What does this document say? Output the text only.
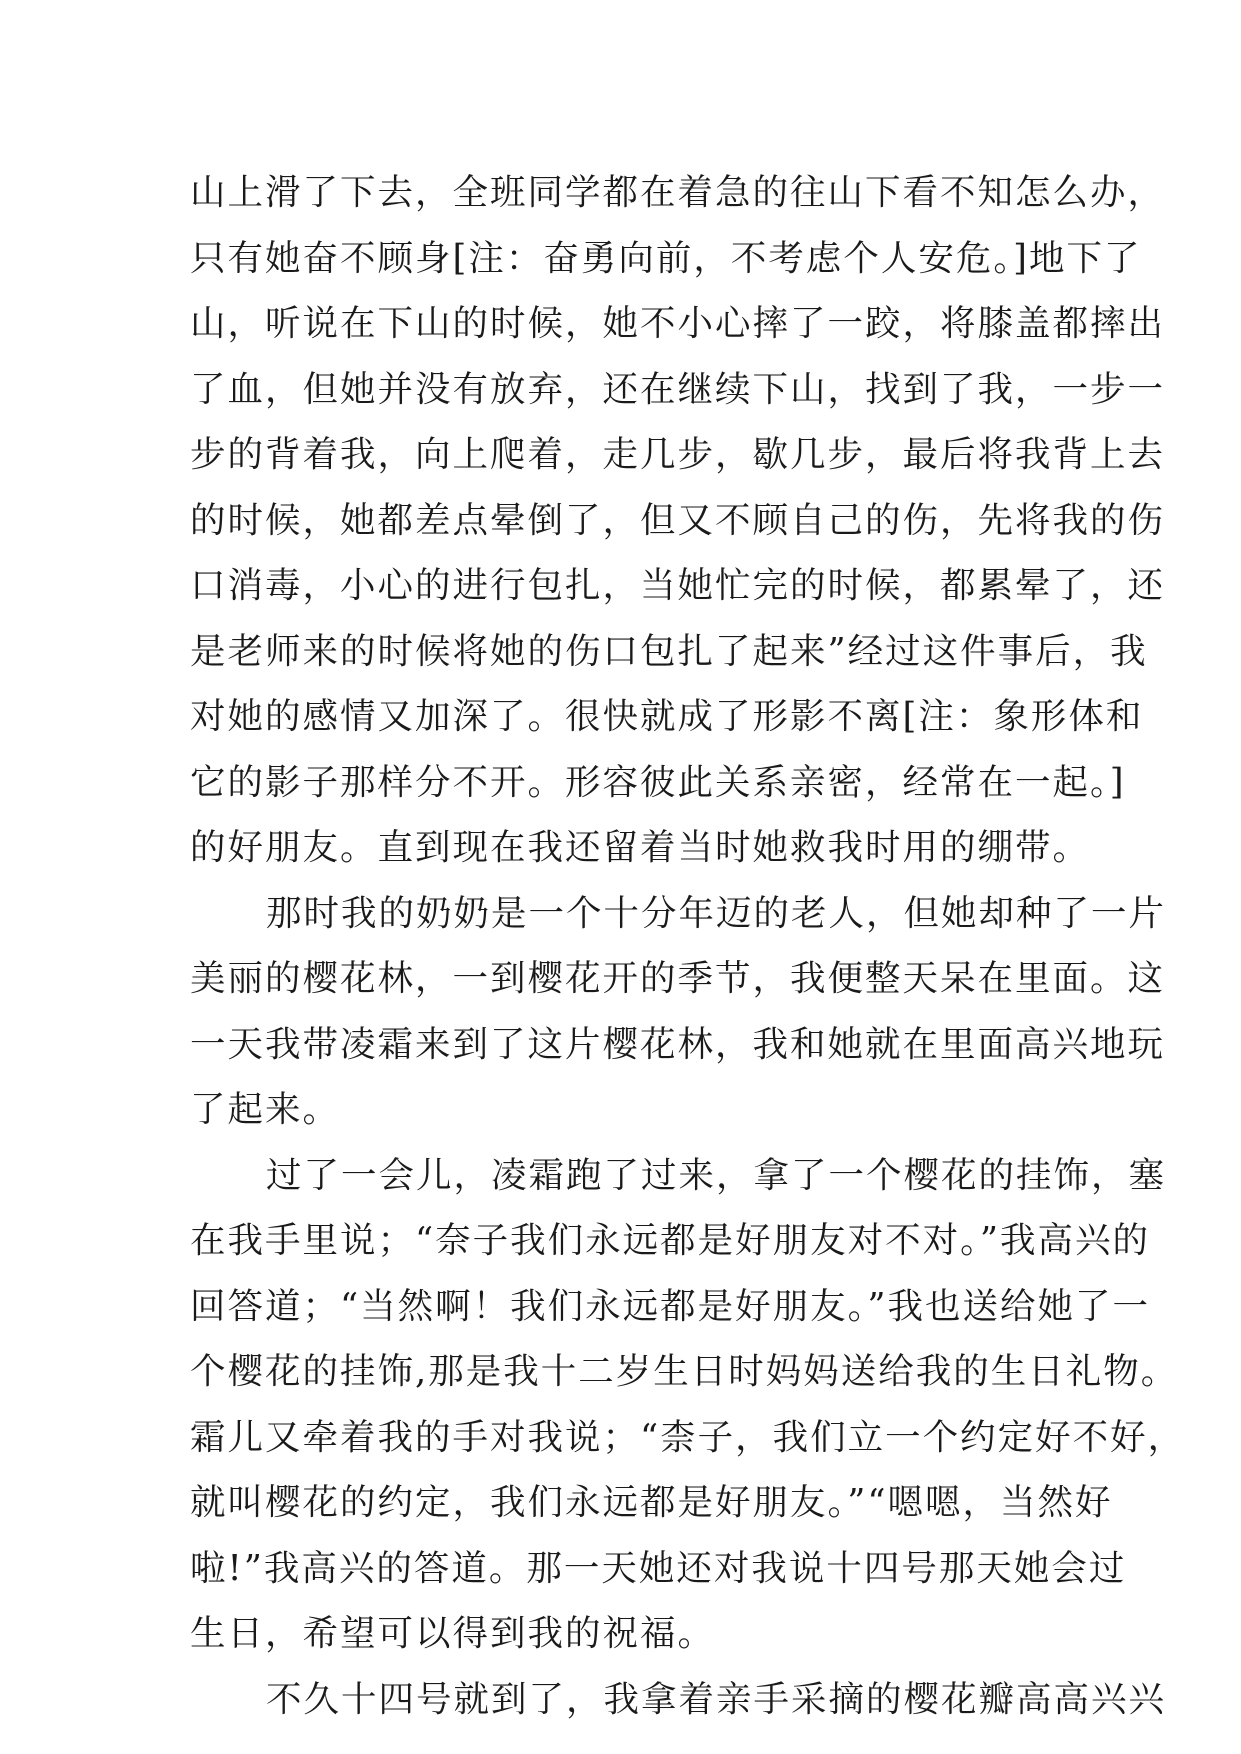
山上滑了下去，全班同学都在着急的往山下看不知怎么办，
只有她奋不顾身[注：奋勇向前，不考虑个人安危。]地下了
山，听说在下山的时候，她不小心摔了一跤，将膝盖都摔出
了血，但她并没有放弃，还在继续下山，找到了我，一步一
步的背着我，向上爬着，走几步，歇几步，最后将我背上去
的时候，她都差点晕倒了，但又不顾自己的伤，先将我的伤
口消毒，小心的进行包扎，当她忙完的时候，都累晕了，还
是老师来的时候将她的伤口包扎了起来”经过这件事后，我
对她的感情又加深了。很快就成了形影不离[注：象形体和
它的影子那样分不开。形容彼此关系亲密，经常在一起。]
的好朋友。直到现在我还留着当时她救我时用的绷带。
那时我的奶奶是一个十分年迈的老人，但她却种了一片
美丽的樱花林，一到樱花开的季节，我便整天呆在里面。这
一天我带凌霜来到了这片樱花林，我和她就在里面高兴地玩
了起来。
过了一会儿，凌霜跑了过来，拿了一个樱花的挂饰，塞
在我手里说；“奈子我们永远都是好朋友对不对。”我高兴的
回答道；“当然啊！我们永远都是好朋友。”我也送给她了一
个樱花的挂饰,那是我十二岁生日时妈妈送给我的生日礼物。
霜儿又牵着我的手对我说；“柰子，我们立一个约定好不好，
就叫樱花的约定，我们永远都是好朋友。”“嗯嗯，当然好
啦!”我高兴的答道。那一天她还对我说十四号那天她会过
生日，希望可以得到我的祝福。
不久十四号就到了，我拿着亲手采摘的樱花瓣高高兴兴
